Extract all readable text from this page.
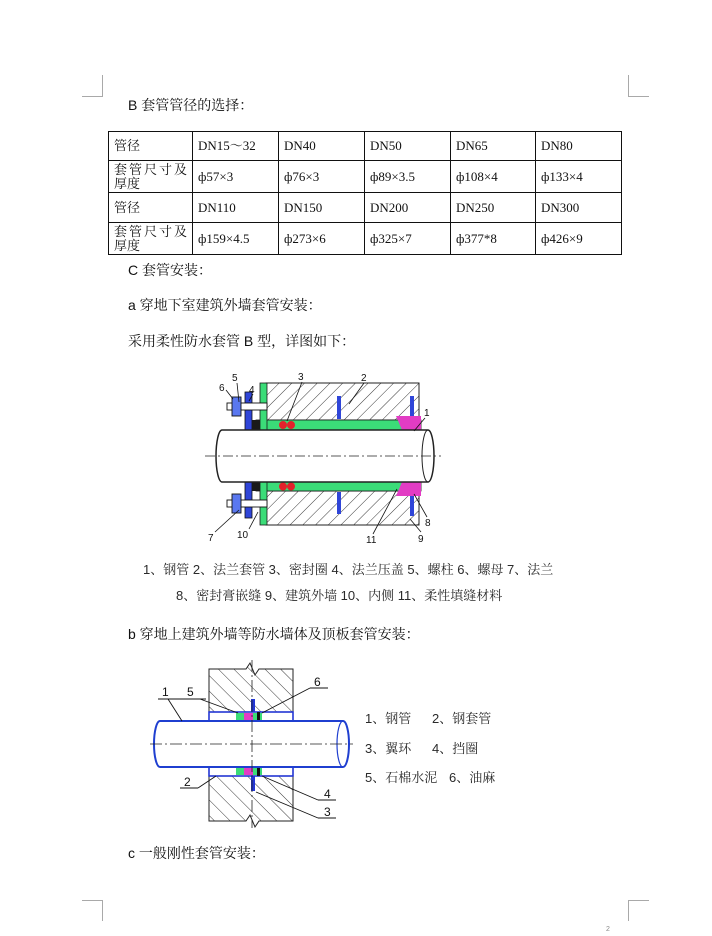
B 套管管径的选择：
管径	DN15～32	DN40	DN50	DN65	DN80
套管尺寸及厚度	ф57×3	ф76×3	ф89×3.5	ф108×4	ф133×4
管径	DN110	DN150	DN200	DN250	DN300
套管尺寸及厚度	ф159×4.5	ф273×6	ф325×7	ф377*8	ф426×9
C 套管安装：
a 穿地下室建筑外墙套管安装：
采用柔性防水套管 B 型，详图如下：
1
2
3
4
5
6
7
8
9
10	11
1、钢管 2、法兰套管 3、密封圈 4、法兰压盖 5、螺柱 6、螺母 7、法兰
8、密封膏嵌缝 9、建筑外墙 10、内侧 11、柔性填缝材料
b 穿地上建筑外墙等防水墙体及顶板套管安装：
1
2
3
4
5
6
1、钢管 2、钢套管
3、翼环 4、挡圈
5、石棉水泥 6、油麻
c 一般刚性套管安装：
2
